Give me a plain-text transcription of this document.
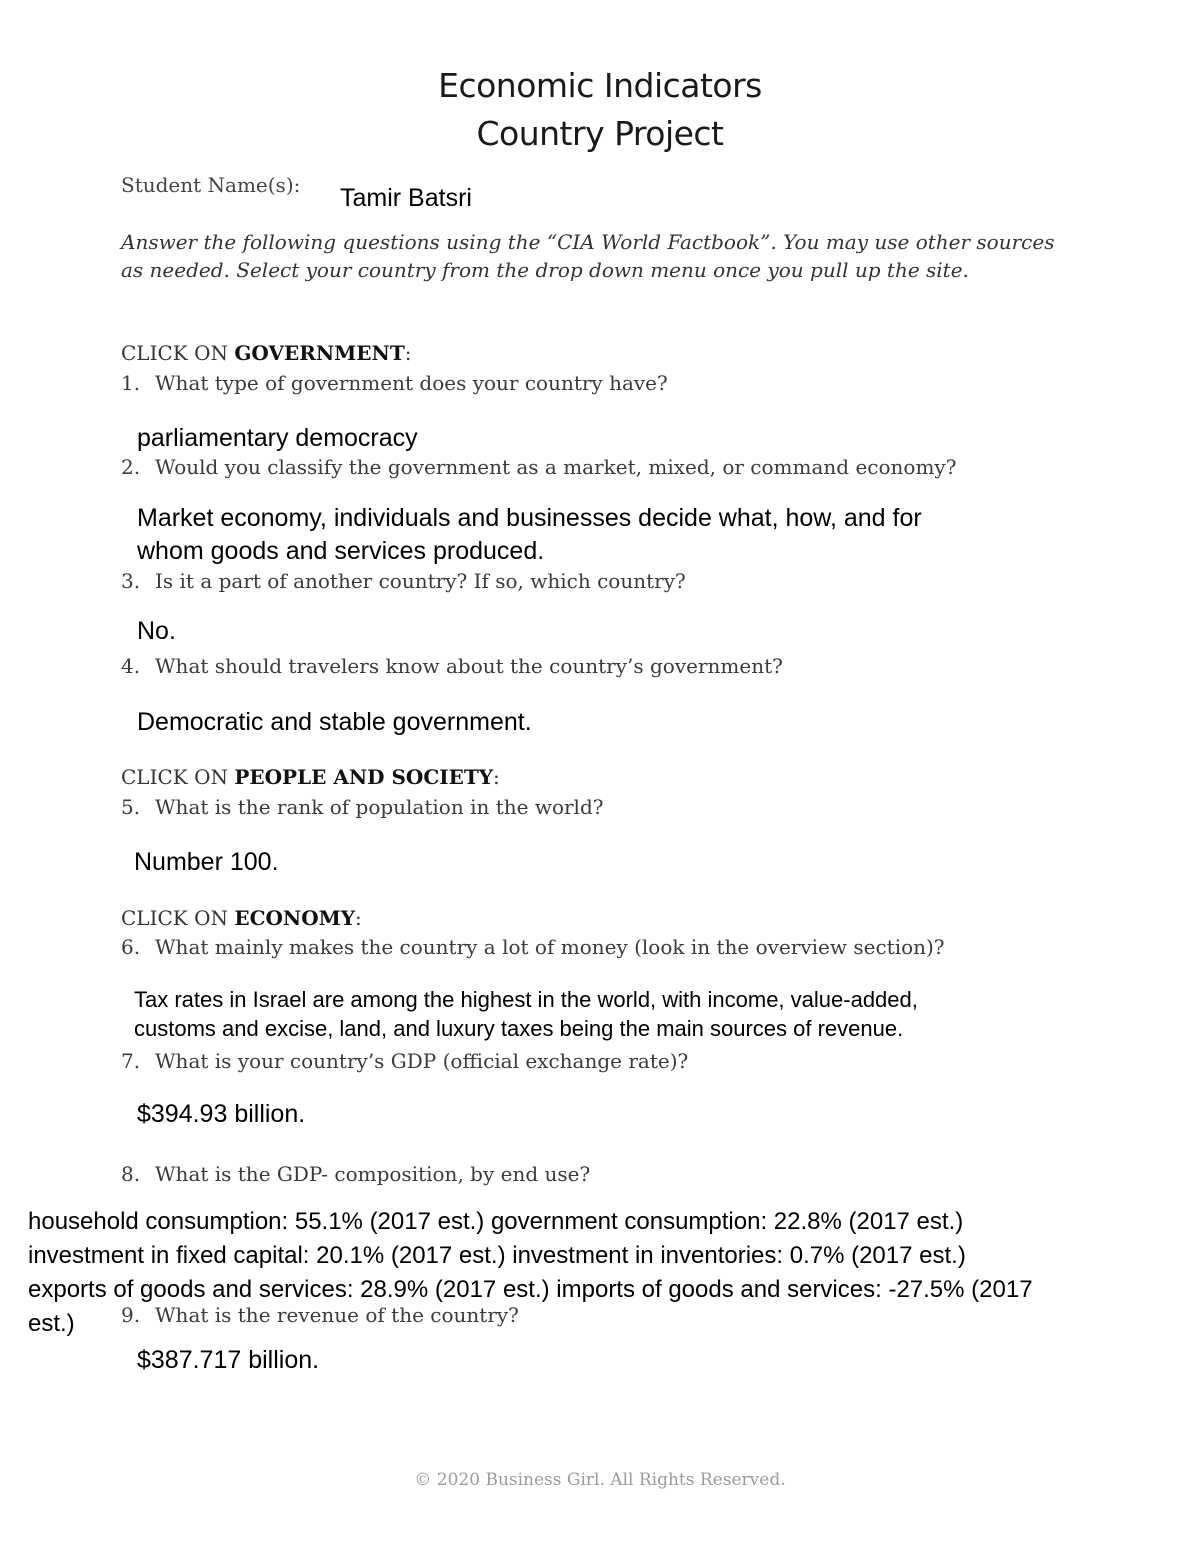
Economic Indicators
Country Project
Student Name(s): Tamir Batsri
Answer the following questions using the “CIA World Factbook”. You may use other sources as needed. Select your country from the drop down menu once you pull up the site.
CLICK ON GOVERNMENT:
1. What type of government does your country have?
parliamentary democracy
2. Would you classify the government as a market, mixed, or command economy?
Market economy, individuals and businesses decide what, how, and for
whom goods and services produced.
3. Is it a part of another country? If so, which country?
No.
4. What should travelers know about the country’s government?
Democratic and stable government.
CLICK ON PEOPLE AND SOCIETY:
5. What is the rank of population in the world?
Number 100.
CLICK ON ECONOMY:
6. What mainly makes the country a lot of money (look in the overview section)?
Tax rates in Israel are among the highest in the world, with income, value-added,
customs and excise, land, and luxury taxes being the main sources of revenue.
7. What is your country’s GDP (official exchange rate)?
$394.93 billion.
8. What is the GDP- composition, by end use?
household consumption: 55.1% (2017 est.) government consumption: 22.8% (2017 est.)
investment in fixed capital: 20.1% (2017 est.) investment in inventories: 0.7% (2017 est.)
exports of goods and services: 28.9% (2017 est.) imports of goods and services: -27.5% (2017
est.) 9. What is the revenue of the country?
$387.717 billion.
© 2020 Business Girl. All Rights Reserved.
